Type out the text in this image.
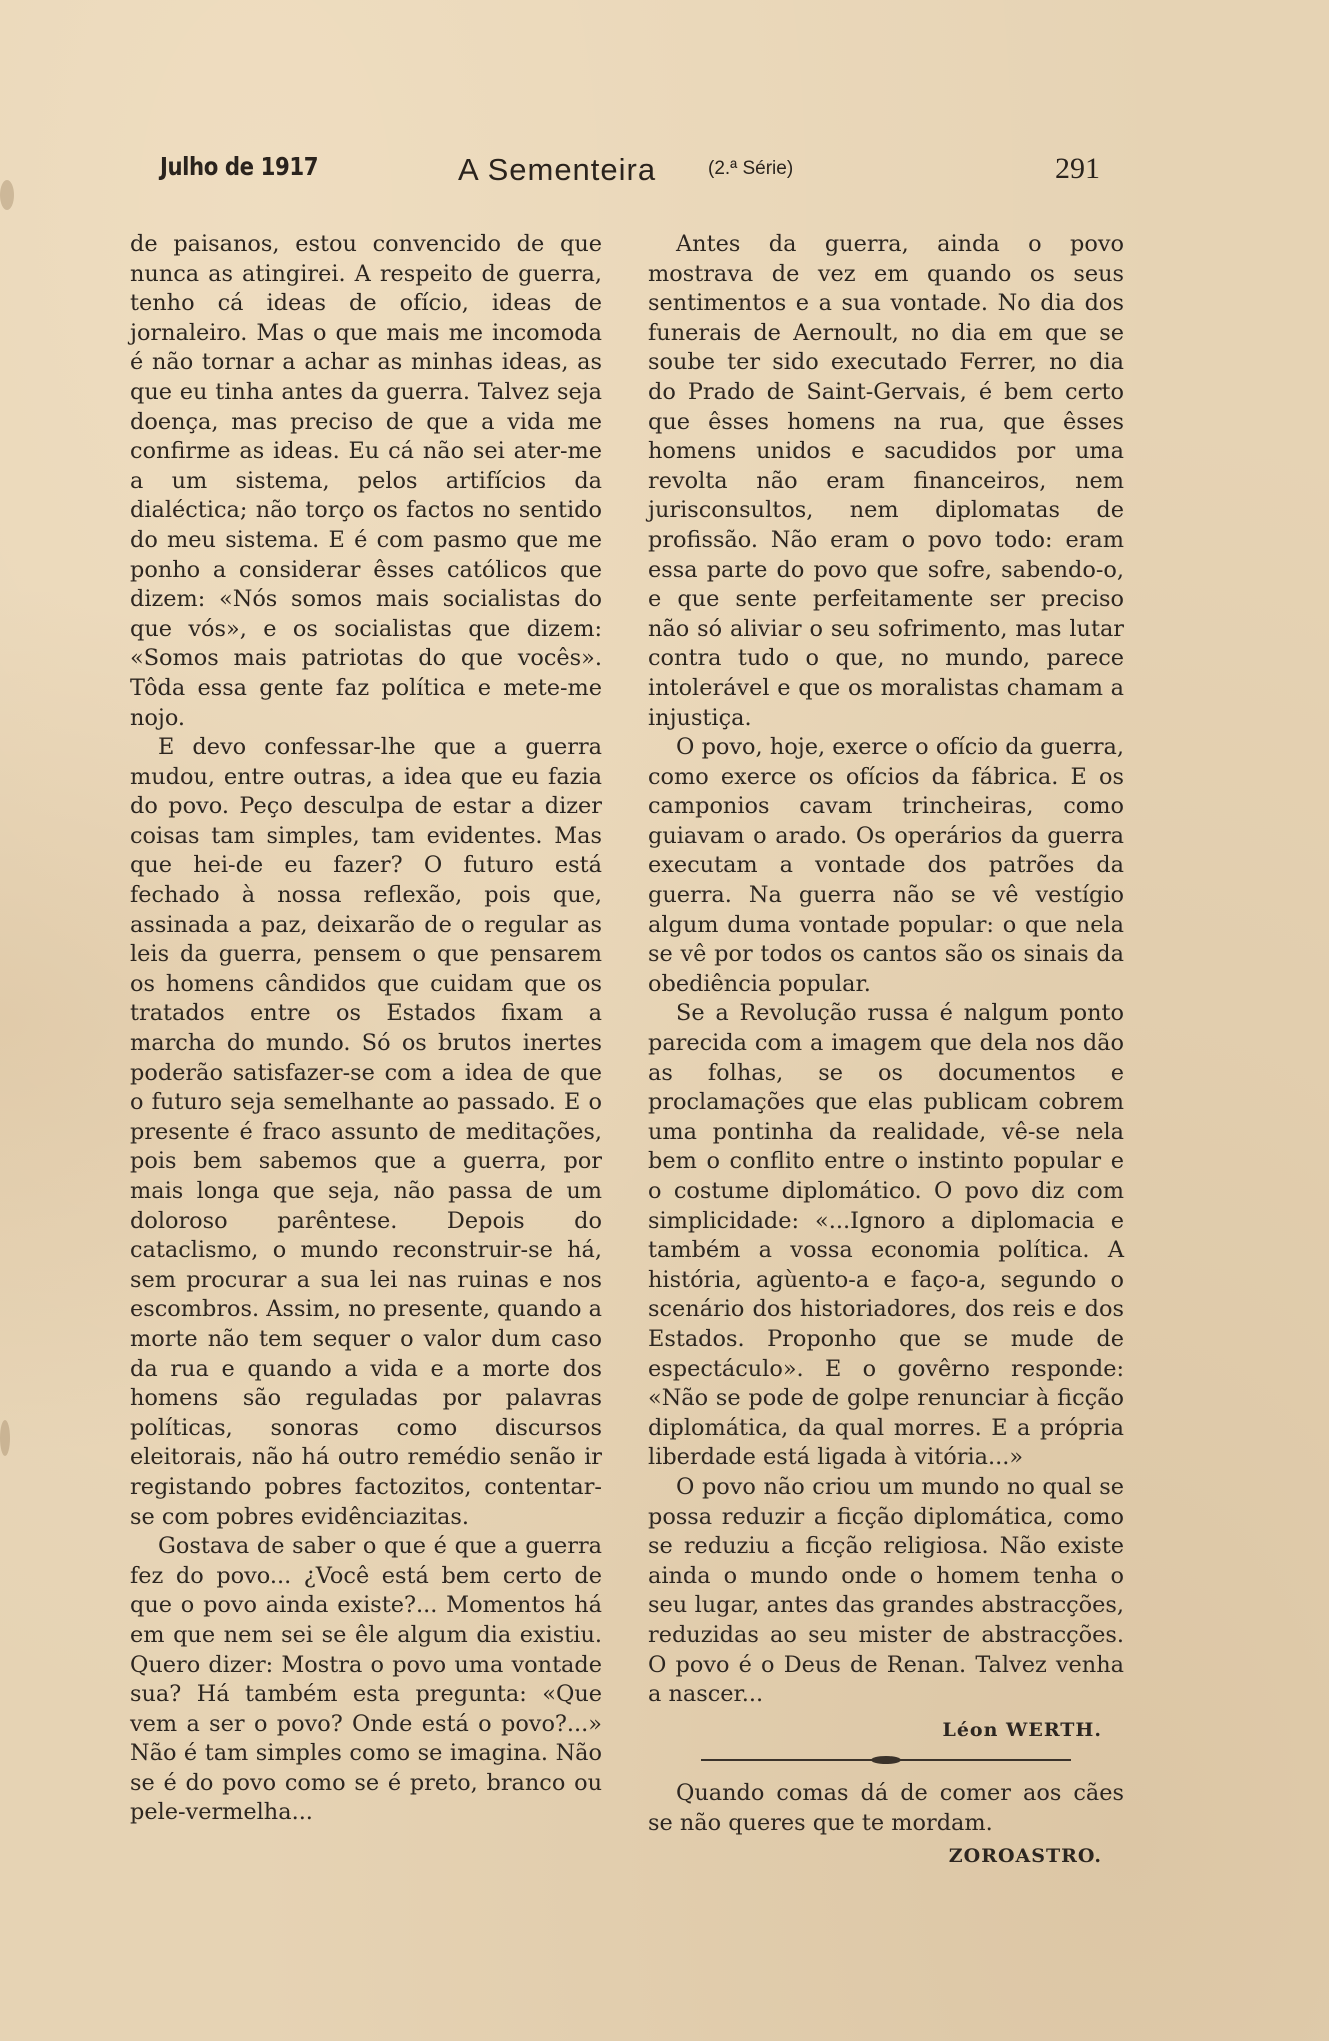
Julho de 1917	A Sementeira	(2.ª Série)	291

de paisanos, estou convencido de que nunca as atingirei. A respeito de guerra, tenho cá ideas de ofício, ideas de jornaleiro. Mas o que mais me incomoda é não tornar a achar as minhas ideas, as que eu tinha antes da guerra. Talvez seja doença, mas preciso de que a vida me confirme as ideas. Eu cá não sei ater-me a um sistema, pelos artifícios da dialéctica; não torço os factos no sentido do meu sistema. E é com pasmo que me ponho a considerar êsses católicos que dizem: «Nós somos mais socialistas do que vós», e os socialistas que dizem: «Somos mais patriotas do que vocês». Tôda essa gente faz política e mete-me nojo.

E devo confessar-lhe que a guerra mudou, entre outras, a idea que eu fazia do povo. Peço desculpa de estar a dizer coisas tam simples, tam evidentes. Mas que hei-de eu fazer? O futuro está fechado à nossa reflexão, pois que, assinada a paz, deixarão de o regular as leis da guerra, pensem o que pensarem os homens cândidos que cuidam que os tratados entre os Estados fixam a marcha do mundo. Só os brutos inertes poderão satisfazer-se com a idea de que o futuro seja semelhante ao passado. E o presente é fraco assunto de meditações, pois bem sabemos que a guerra, por mais longa que seja, não passa de um doloroso parêntese. Depois do cataclismo, o mundo reconstruir-se há, sem procurar a sua lei nas ruinas e nos escombros. Assim, no presente, quando a morte não tem sequer o valor dum caso da rua e quando a vida e a morte dos homens são reguladas por palavras políticas, sonoras como discursos eleitorais, não há outro remédio senão ir registando pobres factozitos, contentar-se com pobres evidênciazitas.

Gostava de saber o que é que a guerra fez do povo... ¿Você está bem certo de que o povo ainda existe?... Momentos há em que nem sei se êle algum dia existiu. Quero dizer: Mostra o povo uma vontade sua? Há também esta pregunta: «Que vem a ser o povo? Onde está o povo?...» Não é tam simples como se imagina. Não se é do povo como se é preto, branco ou pele-vermelha...

Antes da guerra, ainda o povo mostrava de vez em quando os seus sentimentos e a sua vontade. No dia dos funerais de Aernoult, no dia em que se soube ter sido executado Ferrer, no dia do Prado de Saint-Gervais, é bem certo que êsses homens na rua, que êsses homens unidos e sacudidos por uma revolta não eram financeiros, nem jurisconsultos, nem diplomatas de profissão. Não eram o povo todo: eram essa parte do povo que sofre, sabendo-o, e que sente perfeitamente ser preciso não só aliviar o seu sofrimento, mas lutar contra tudo o que, no mundo, parece intolerável e que os moralistas chamam a injustiça.

O povo, hoje, exerce o ofício da guerra, como exerce os ofícios da fábrica. E os camponios cavam trincheiras, como guiavam o arado. Os operários da guerra executam a vontade dos patrões da guerra. Na guerra não se vê vestígio algum duma vontade popular: o que nela se vê por todos os cantos são os sinais da obediência popular.

Se a Revolução russa é nalgum ponto parecida com a imagem que dela nos dão as folhas, se os documentos e proclamações que elas publicam cobrem uma pontinha da realidade, vê-se nela bem o conflito entre o instinto popular e o costume diplomático. O povo diz com simplicidade: «...Ignoro a diplomacia e também a vossa economia política. A história, agùento-a e faço-a, segundo o scenário dos historiadores, dos reis e dos Estados. Proponho que se mude de espectáculo». E o govêrno responde: «Não se pode de golpe renunciar à ficção diplomática, da qual morres. E a própria liberdade está ligada à vitória...»

O povo não criou um mundo no qual se possa reduzir a ficção diplomática, como se reduziu a ficção religiosa. Não existe ainda o mundo onde o homem tenha o seu lugar, antes das grandes abstracções, reduzidas ao seu mister de abstracções. O povo é o Deus de Renan. Talvez venha a nascer...

Léon WERTH.

Quando comas dá de comer aos cães se não queres que te mordam.

ZOROASTRO.
